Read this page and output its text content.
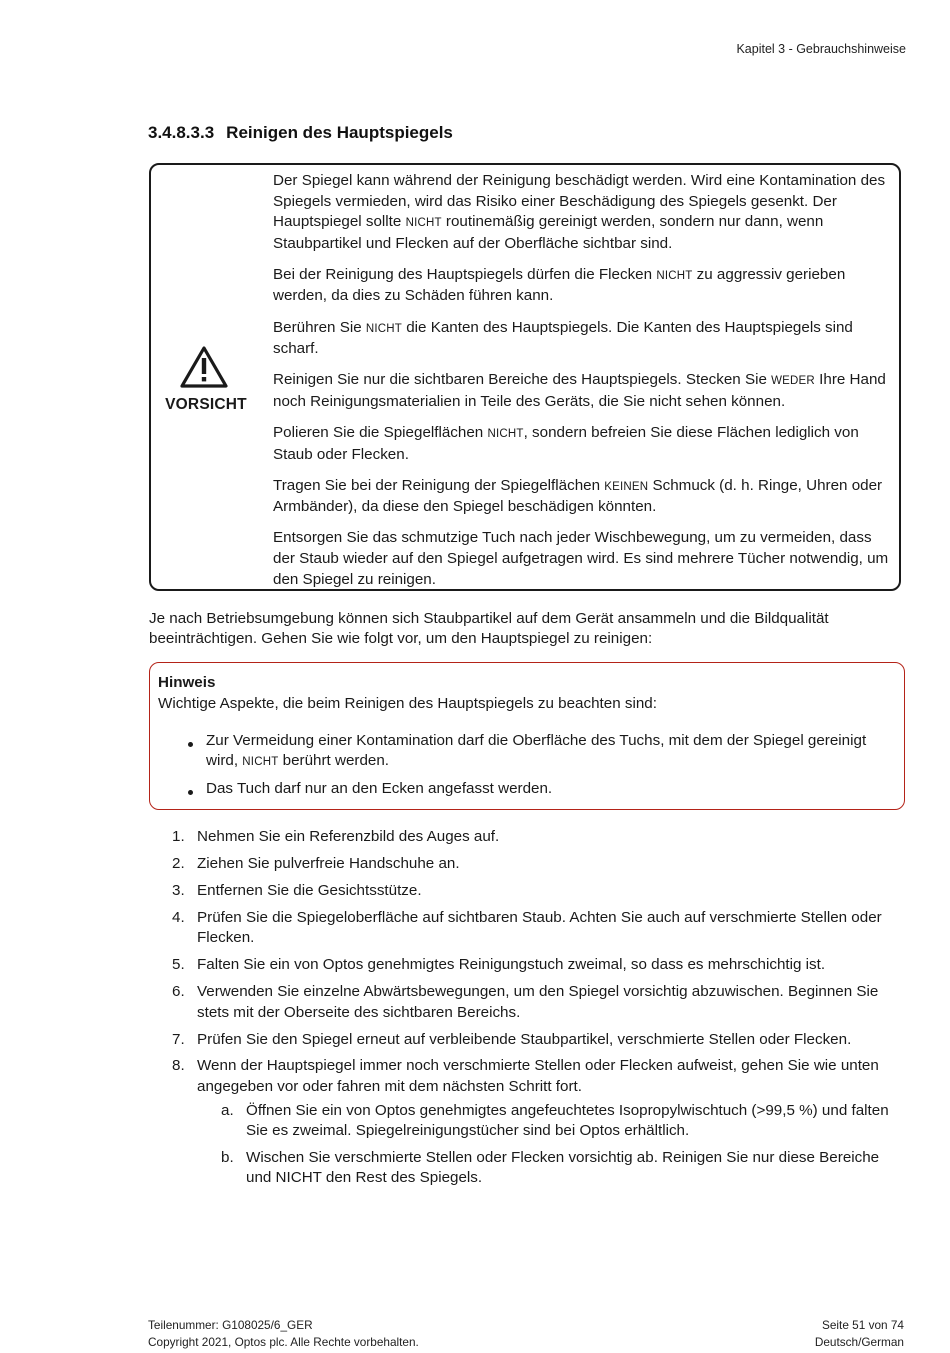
Kapitel 3 - Gebrauchshinweise
3.4.8.3.3 Reinigen des Hauptspiegels
VORSICHT

Der Spiegel kann während der Reinigung beschädigt werden. Wird eine Kontamination des Spiegels vermieden, wird das Risiko einer Beschädigung des Spiegels gesenkt. Der Hauptspiegel sollte NICHT routinemäßig gereinigt werden, sondern nur dann, wenn Staubpartikel und Flecken auf der Oberfläche sichtbar sind.

Bei der Reinigung des Hauptspiegels dürfen die Flecken NICHT zu aggressiv gerieben werden, da dies zu Schäden führen kann.

Berühren Sie NICHT die Kanten des Hauptspiegels. Die Kanten des Hauptspiegels sind scharf.

Reinigen Sie nur die sichtbaren Bereiche des Hauptspiegels. Stecken Sie WEDER Ihre Hand noch Reinigungsmaterialien in Teile des Geräts, die Sie nicht sehen können.

Polieren Sie die Spiegelflächen NICHT, sondern befreien Sie diese Flächen lediglich von Staub oder Flecken.

Tragen Sie bei der Reinigung der Spiegelflächen KEINEN Schmuck (d. h. Ringe, Uhren oder Armbänder), da diese den Spiegel beschädigen könnten.

Entsorgen Sie das schmutzige Tuch nach jeder Wischbewegung, um zu vermeiden, dass der Staub wieder auf den Spiegel aufgetragen wird. Es sind mehrere Tücher notwendig, um den Spiegel zu reinigen.

Je nach Betriebsumgebung können sich Staubpartikel auf dem Gerät ansammeln und die Bildqualität beeinträchtigen. Gehen Sie wie folgt vor, um den Hauptspiegel zu reinigen:
Hinweis
Wichtige Aspekte, die beim Reinigen des Hauptspiegels zu beachten sind:
Zur Vermeidung einer Kontamination darf die Oberfläche des Tuchs, mit dem der Spiegel gereinigt wird, NICHT berührt werden.
Das Tuch darf nur an den Ecken angefasst werden.
1. Nehmen Sie ein Referenzbild des Auges auf.
2. Ziehen Sie pulverfreie Handschuhe an.
3. Entfernen Sie die Gesichtsstütze.
4. Prüfen Sie die Spiegeloberfläche auf sichtbaren Staub. Achten Sie auch auf verschmierte Stellen oder Flecken.
5. Falten Sie ein von Optos genehmigtes Reinigungstuch zweimal, so dass es mehrschichtig ist.
6. Verwenden Sie einzelne Abwärtsbewegungen, um den Spiegel vorsichtig abzuwischen. Beginnen Sie stets mit der Oberseite des sichtbaren Bereichs.
7. Prüfen Sie den Spiegel erneut auf verbleibende Staubpartikel, verschmierte Stellen oder Flecken.
8. Wenn der Hauptspiegel immer noch verschmierte Stellen oder Flecken aufweist, gehen Sie wie unten angegeben vor oder fahren mit dem nächsten Schritt fort.
a. Öffnen Sie ein von Optos genehmigtes angefeuchtetes Isopropylwischtuch (>99,5 %) und falten Sie es zweimal. Spiegelreinigungstücher sind bei Optos erhältlich.
b. Wischen Sie verschmierte Stellen oder Flecken vorsichtig ab. Reinigen Sie nur diese Bereiche und NICHT den Rest des Spiegels.
Teilenummer: G108025/6_GER
Copyright 2021, Optos plc. Alle Rechte vorbehalten.
Seite 51 von 74
Deutsch/German
